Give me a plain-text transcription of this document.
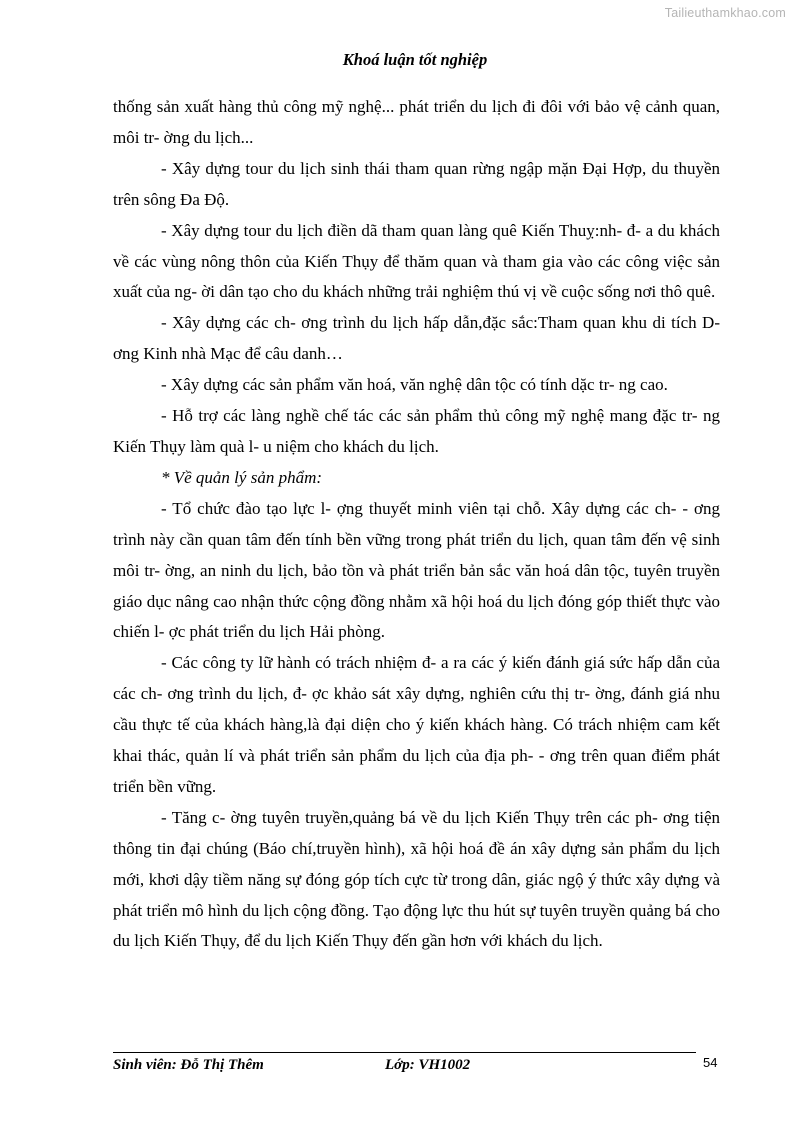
Tailieuthamkhao.com
Khoá luận tốt nghiệp

thống sản xuất hàng thủ công mỹ nghệ... phát triển du lịch đi đôi với bảo vệ cảnh quan, môi tr- ờng du lịch...

- Xây dựng tour du lịch sinh thái tham quan rừng ngập mặn Đại Hợp, du thuyền trên sông Đa Độ.

- Xây dựng tour du lịch điền dã tham quan làng quê Kiến Thuỵ:nh- đ- a du khách về các vùng nông thôn của Kiến Thụy để thăm quan và tham gia vào các công việc sản xuất của ng- ời dân tạo cho du khách những trải nghiệm thú vị về cuộc sống nơi thô quê.

- Xây dựng các ch- ơng trình du lịch hấp dẫn,đặc sắc:Tham quan khu di tích D- ơng Kinh nhà Mạc để câu danh…

- Xây dựng các sản phẩm văn hoá, văn nghệ dân tộc có tính dặc tr- ng cao.

- Hỗ trợ các làng nghề chế tác các sản phẩm thủ công mỹ nghệ mang đặc tr- ng Kiến Thụy làm quà l- u niệm cho khách du lịch.

* Về quản lý sản phẩm:

- Tổ chức đào tạo lực l- ợng thuyết minh viên tại chỗ. Xây dựng các ch- - ơng trình này cần quan tâm đến tính bền vững trong phát triển du lịch, quan tâm đến vệ sinh môi tr- ờng, an ninh du lịch, bảo tồn và phát triển bản sắc văn hoá dân tộc, tuyên truyền giáo dục nâng cao nhận thức cộng đồng nhằm xã hội hoá du lịch đóng góp thiết thực vào chiến l- ợc phát triển du lịch Hải phòng.

- Các công ty lữ hành có trách nhiệm đ- a ra các ý kiến đánh giá sức hấp dẫn của các ch- ơng trình du lịch, đ- ợc khảo sát xây dựng, nghiên cứu thị tr- ờng, đánh giá nhu cầu thực tế của khách hàng,là đại diện cho ý kiến khách hàng. Có trách nhiệm cam kết khai thác, quản lí và phát triển sản phẩm du lịch của địa ph- - ơng trên quan điểm phát triển bền vững.

- Tăng c- ờng tuyên truyền,quảng bá về du lịch Kiến Thụy trên các ph- ơng tiện thông tin đại chúng (Báo chí,truyền hình), xã hội hoá đề án xây dựng sản phẩm du lịch mới, khơi dậy tiềm năng sự đóng góp tích cực từ trong dân, giác ngộ ý thức xây dựng và phát triển mô hình du lịch cộng đồng. Tạo động lực thu hút sự tuyên truyền quảng bá cho du lịch Kiến Thụy, để du lịch Kiến Thụy đến gần hơn với khách du lịch.

Sinh viên: Đỗ Thị Thêm	Lớp: VH1002	54
